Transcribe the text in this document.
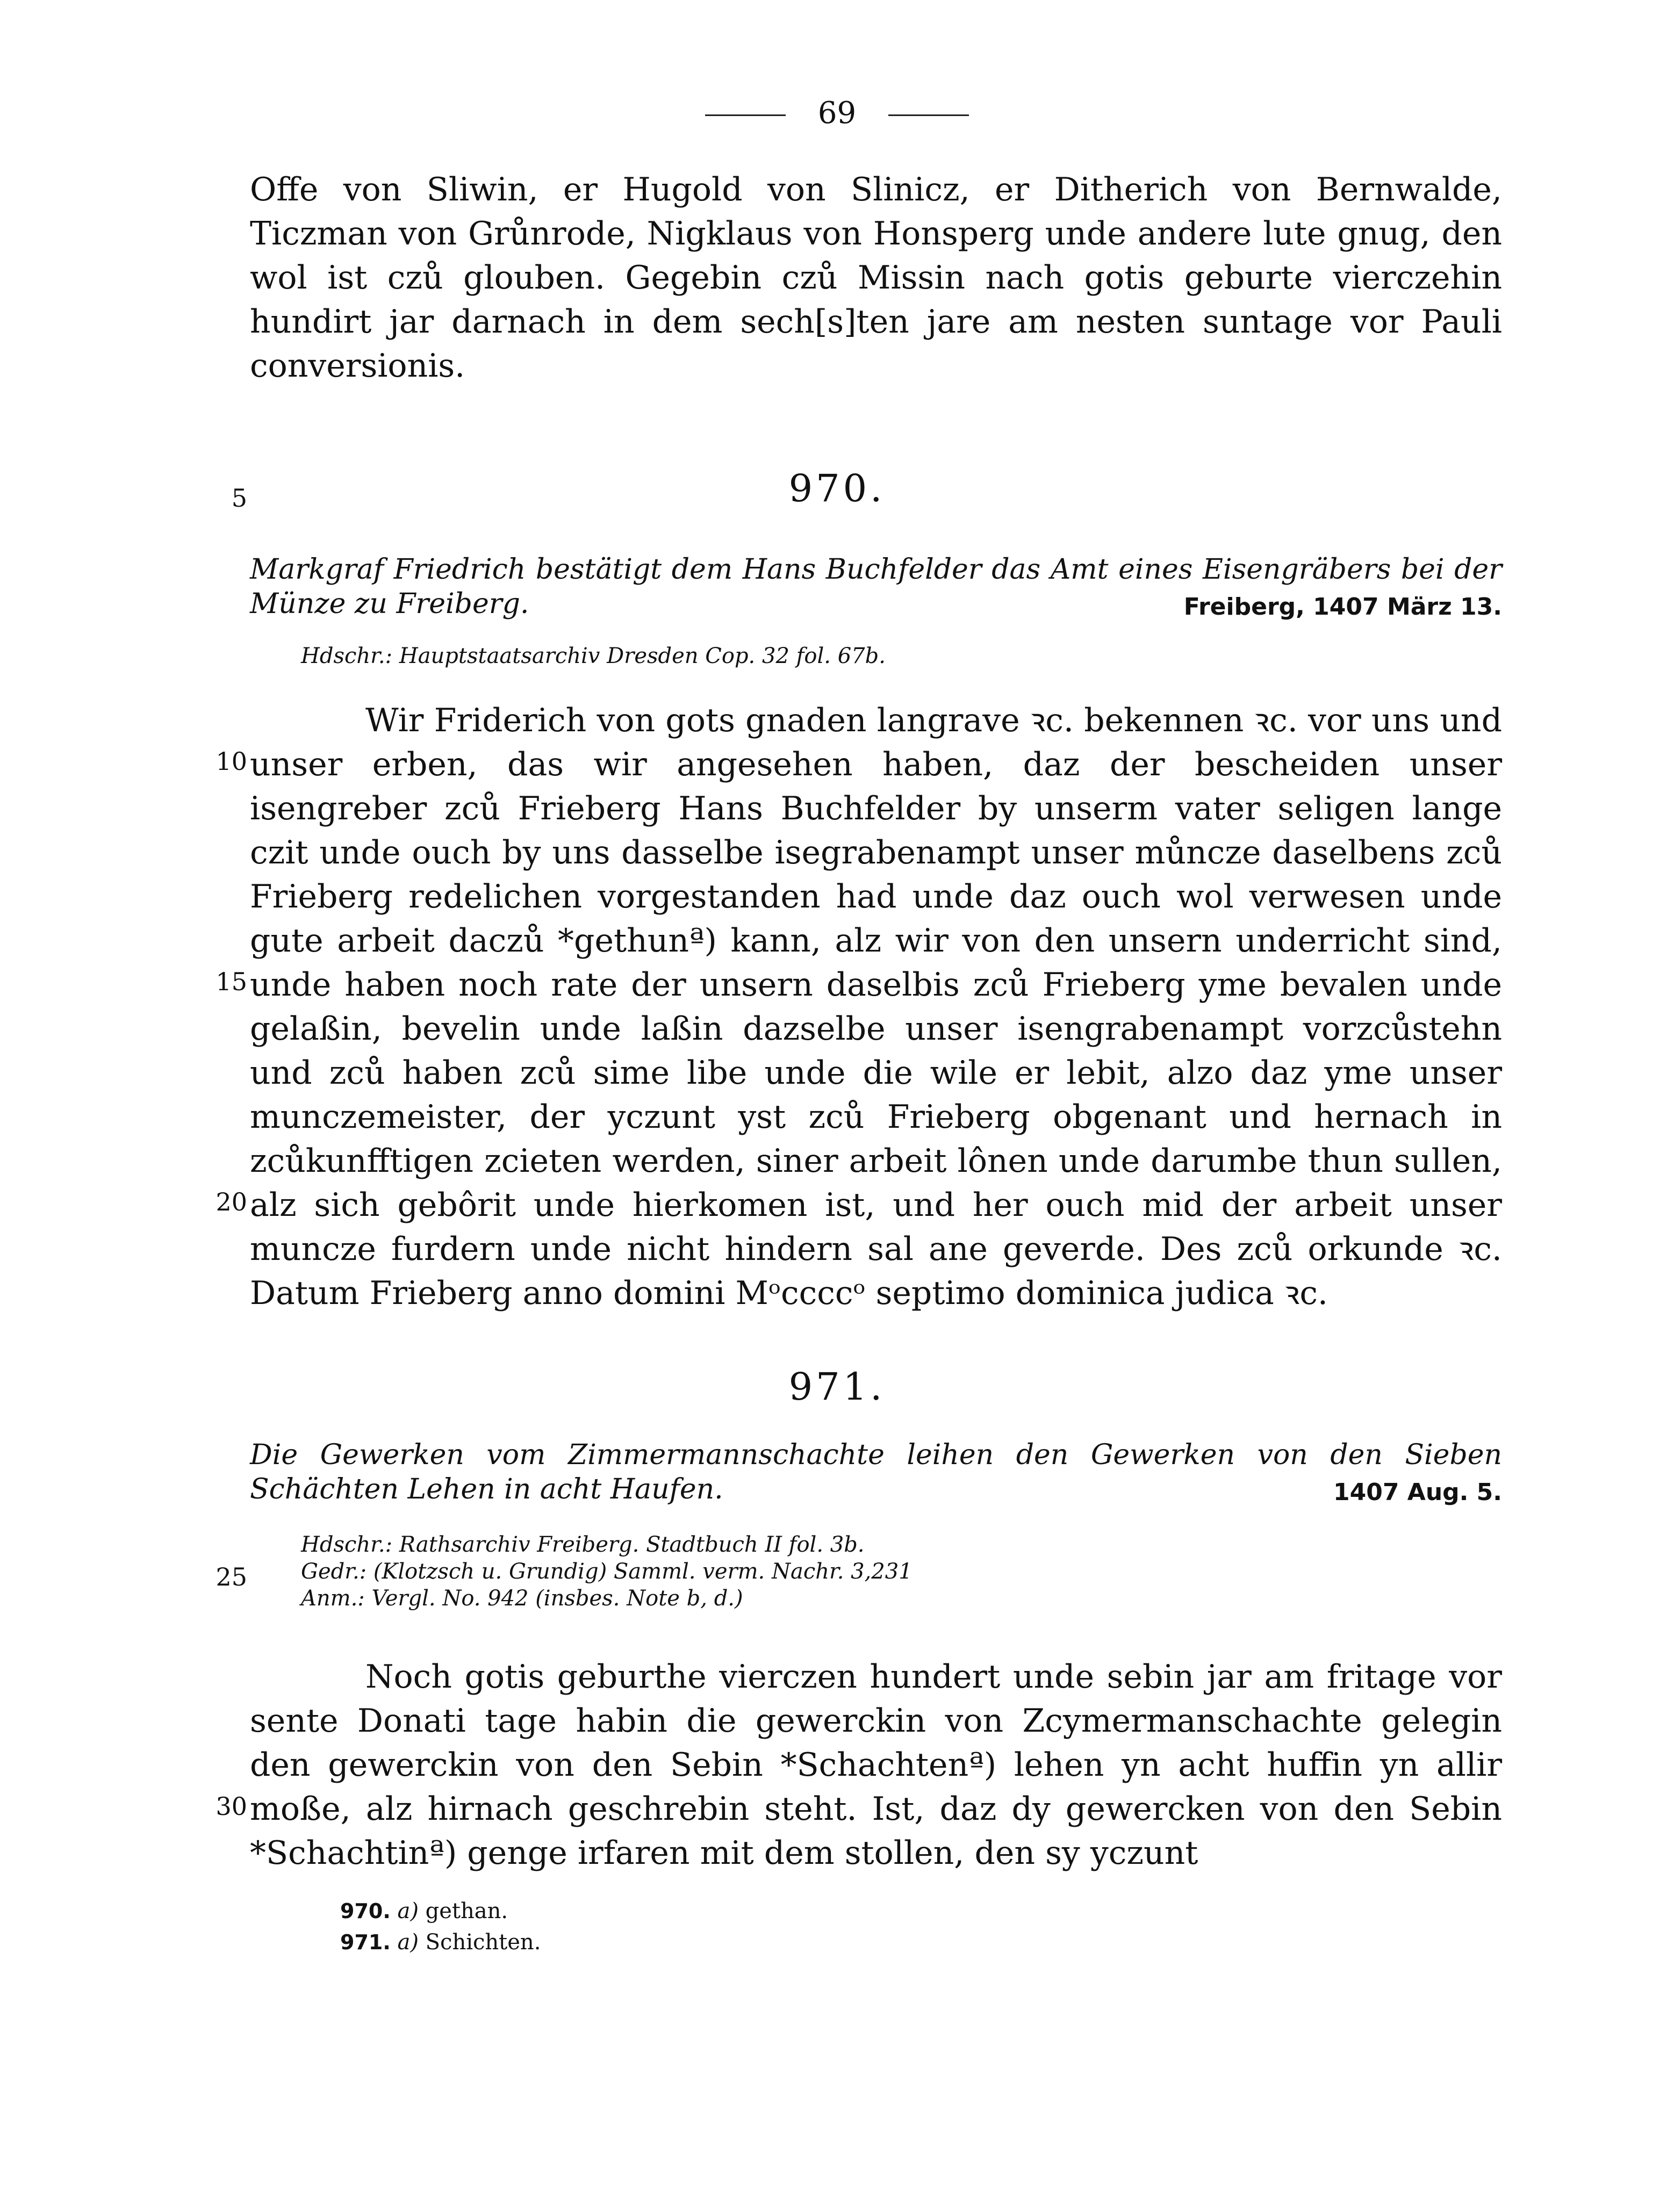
69

Offe von Sliwin, er Hugold von Slinicz, er Ditherich von Bernwalde, Ticzman von Grůnrode, Nigklaus von Honsperg unde andere lute gnug, den wol ist czů glouben. Gegebin czů Missin nach gotis geburte vierczehin hundirt jar darnach in dem sech[s]ten jare am nesten suntage vor Pauli conversionis.

5	970.
Markgraf Friedrich bestätigt dem Hans Buchfelder das Amt eines Eisengräbers bei der Münze zu Freiberg.	Freiberg, 1407 März 13.
Hdschr.: Hauptstaatsarchiv Dresden Cop. 32 fol. 67b.
10
15
20

Wir Friderich von gots gnaden langrave ꝛc. bekennen ꝛc. vor uns und unser erben, das wir angesehen haben, daz der bescheiden unser isengreber zců Frieberg Hans Buchfelder by unserm vater seligen lange czit unde ouch by uns dasselbe isegrabenampt unser můncze daselbens zců Frieberg redelichen vorgestanden had unde daz ouch wol verwesen unde gute arbeit daczů *gethunª) kann, alz wir von den unsern underricht sind, unde haben noch rate der unsern daselbis zců Frieberg yme bevalen unde gelaßin, bevelin unde laßin dazselbe unser isengrabenampt vorzcůstehn und zců haben zců sime libe unde die wile er lebit, alzo daz yme unser munczemeister, der yczunt yst zců Frieberg obgenant und hernach in zcůkunfftigen zcieten werden, siner arbeit lônen unde darumbe thun sullen, alz sich gebôrit unde hierkomen ist, und her ouch mid der arbeit unser muncze furdern unde nicht hindern sal ane geverde. Des zců orkunde ꝛc. Datum Frieberg anno domini Mᵒccccᵒ septimo dominica judica ꝛc.

971.
Die Gewerken vom Zimmermannschachte leihen den Gewerken von den Sieben Schächten Lehen in acht Haufen.	1407 Aug. 5.
Hdschr.: Rathsarchiv Freiberg. Stadtbuch II fol. 3b.
Gedr.: (Klotzsch u. Grundig) Samml. verm. Nachr. 3,231
Anm.: Vergl. No. 942 (insbes. Note b, d.)
25
30

Noch gotis geburthe vierczen hundert unde sebin jar am fritage vor sente Donati tage habin die gewerckin von Zcymermanschachte gelegin den gewerckin von den Sebin *Schachtenª) lehen yn acht huffin yn allir moße, alz hirnach geschrebin steht. Ist, daz dy gewercken von den Sebin *Schachtinª) genge irfaren mit dem stollen, den sy yczunt

970. a) gethan.
971. a) Schichten.
